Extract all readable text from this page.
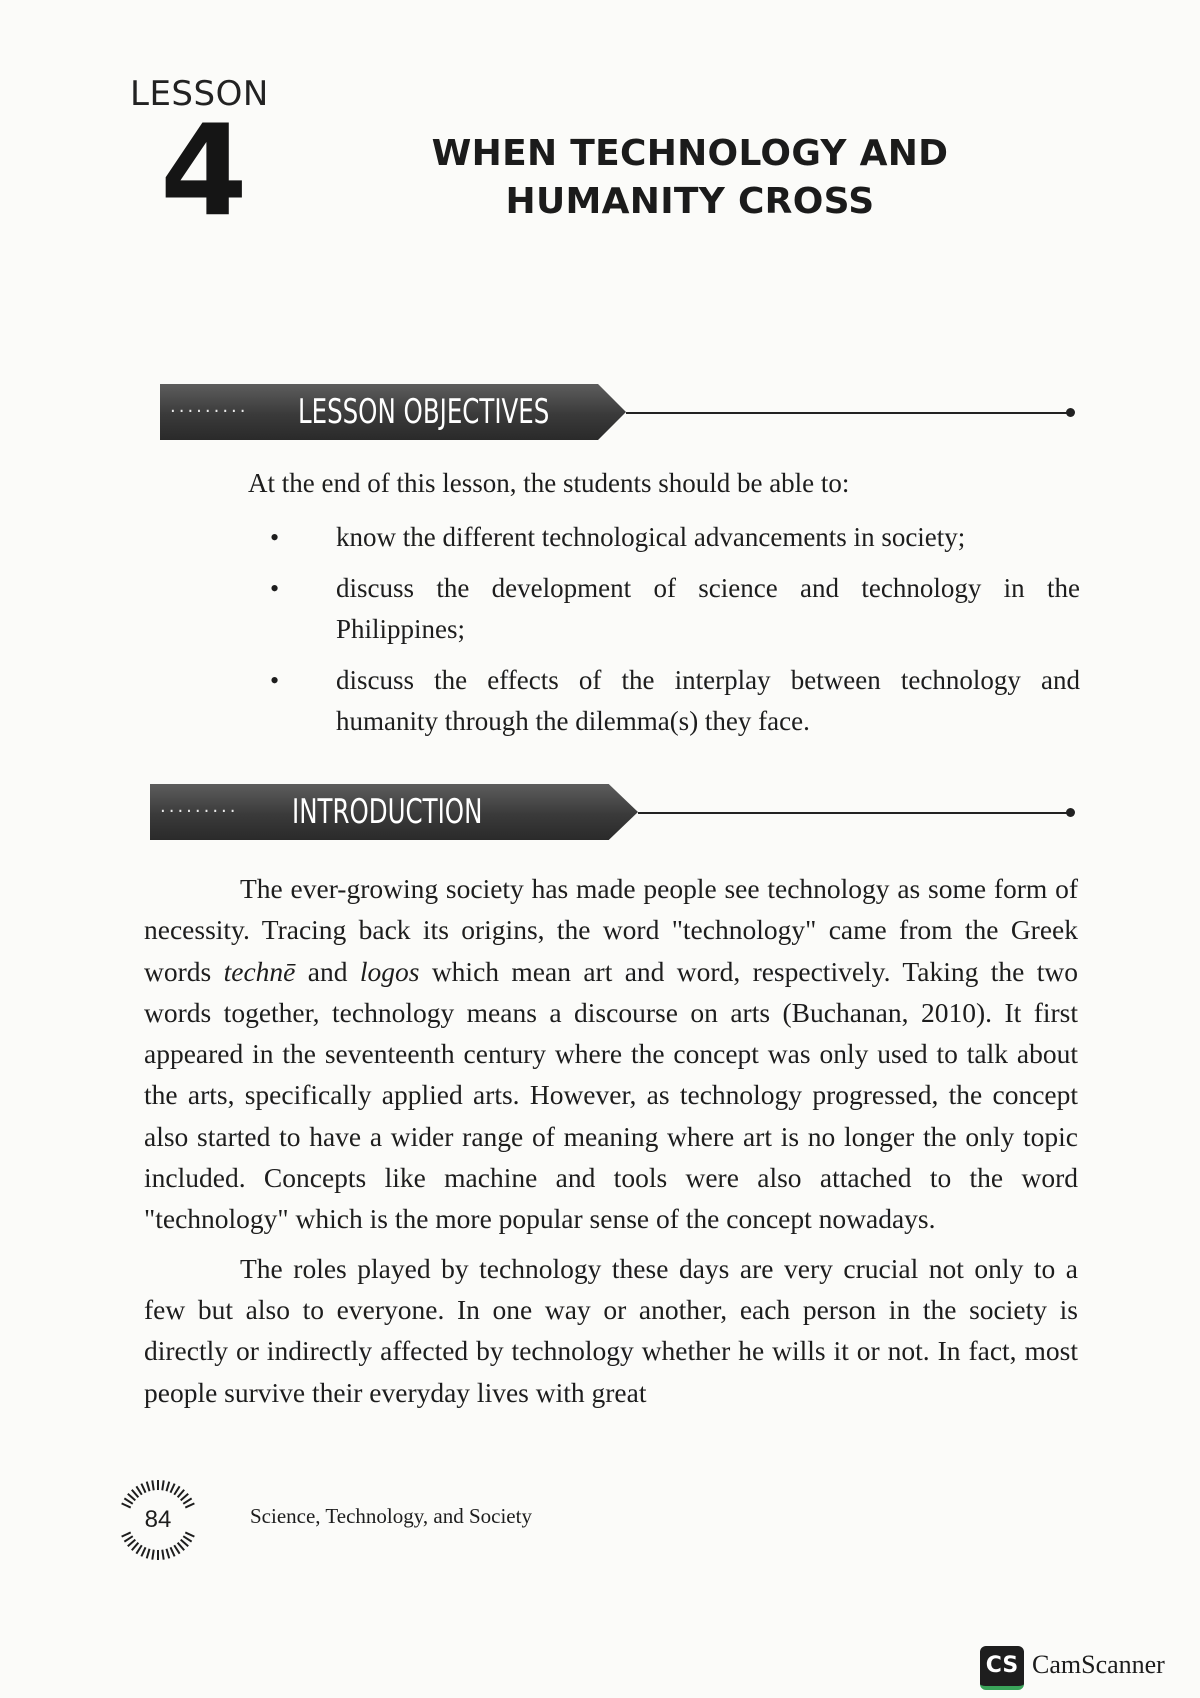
LESSON
4	WHEN TECHNOLOGY AND
HUMANITY CROSS
········· LESSON OBJECTIVES
At the end of this lesson, the students should be able to:
• know the different technological advancements in society;
• discuss the development of science and technology in the Philippines;
• discuss the effects of the interplay between technology and humanity through the dilemma(s) they face.
········· INTRODUCTION

The ever-growing society has made people see technology as some form of necessity. Tracing back its origins, the word "technology" came from the Greek words technē and logos which mean art and word, respectively. Taking the two words together, technology means a discourse on arts (Buchanan, 2010). It first appeared in the seventeenth century where the concept was only used to talk about the arts, specifically applied arts. However, as technology progressed, the concept also started to have a wider range of meaning where art is no longer the only topic included. Concepts like machine and tools were also attached to the word "technology" which is the more popular sense of the concept nowadays.

The roles played by technology these days are very crucial not only to a few but also to everyone. In one way or another, each person in the society is directly or indirectly affected by technology whether he wills it or not. In fact, most people survive their everyday lives with great

84	Science, Technology, and Society
CS CamScanner
